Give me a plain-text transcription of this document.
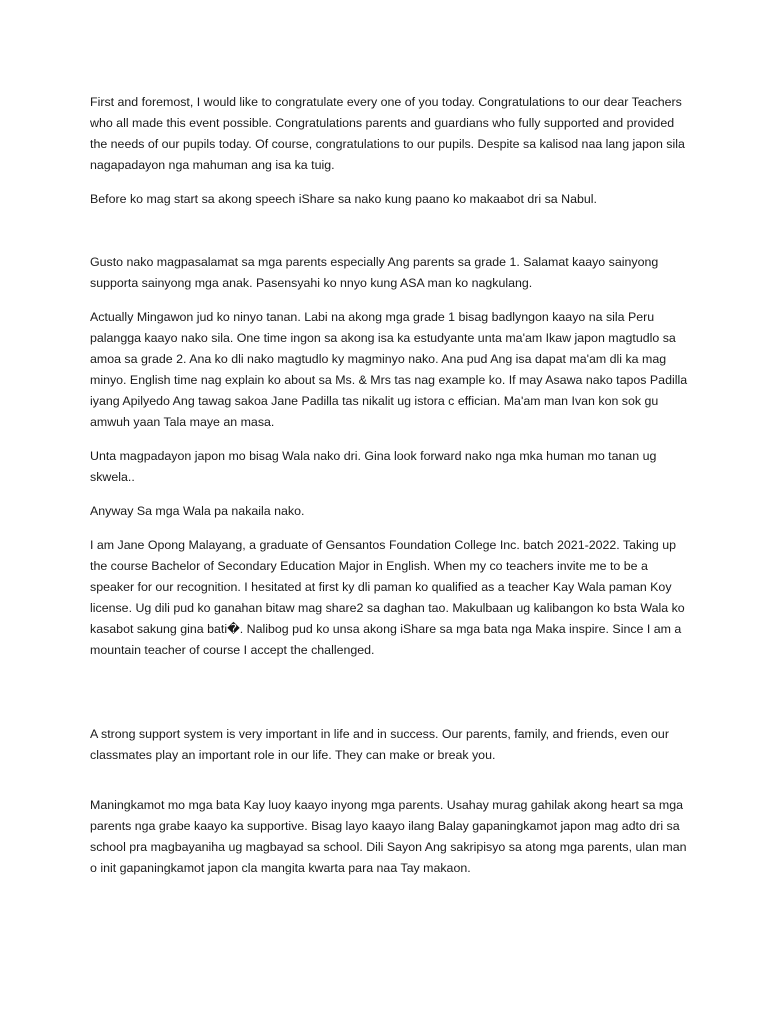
First and foremost, I would like to congratulate every one of you today. Congratulations to our dear Teachers who all made this event possible. Congratulations parents and guardians who fully supported and provided the needs of our pupils today. Of course, congratulations to our pupils. Despite sa kalisod naa lang japon sila nagapadayon nga mahuman ang isa ka tuig.

Before ko mag start sa akong speech iShare sa nako kung paano ko makaabot dri sa Nabul.

Gusto nako magpasalamat sa mga parents especially Ang parents sa grade 1. Salamat kaayo sainyong supporta sainyong mga anak. Pasensyahi ko nnyo kung ASA man ko nagkulang.

Actually Mingawon jud ko ninyo tanan. Labi na akong mga grade 1 bisag badlyngon kaayo na sila Peru palangga kaayo nako sila. One time ingon sa akong isa ka estudyante unta ma'am Ikaw japon magtudlo sa amoa sa grade 2. Ana ko dli nako magtudlo ky magminyo nako. Ana pud Ang isa dapat ma'am dli ka mag minyo. English time nag explain ko about sa Ms. & Mrs tas nag example ko. If may Asawa nako tapos Padilla iyang Apilyedo Ang tawag sakoa Jane Padilla tas nikalit ug istora c effician. Ma'am man Ivan kon sok gu amwuh yaan Tala maye an masa.

Unta magpadayon japon mo bisag Wala nako dri. Gina look forward nako nga mka human mo tanan ug skwela..

Anyway Sa mga Wala pa nakaila nako.

I am Jane Opong Malayang, a graduate of Gensantos Foundation College Inc. batch 2021-2022. Taking up the course Bachelor of Secondary Education Major in English. When my co teachers invite me to be a speaker for our recognition. I hesitated at first ky dli paman ko qualified as a teacher Kay Wala paman Koy license. Ug dili pud ko ganahan bitaw mag share2 sa daghan tao. Makulbaan ug kalibangon ko bsta Wala ko kasabot sakung gina bati�. Nalibog pud ko unsa akong iShare sa mga bata nga Maka inspire. Since I am a mountain teacher of course I accept the challenged.

A strong support system is very important in life and in success. Our parents, family, and friends, even our classmates play an important role in our life. They can make or break you.

Maningkamot mo mga bata Kay luoy kaayo inyong mga parents. Usahay murag gahilak akong heart sa mga parents nga grabe kaayo ka supportive. Bisag layo kaayo ilang Balay gapaningkamot japon mag adto dri sa school pra magbayaniha ug magbayad sa school. Dili Sayon Ang sakripisyo sa atong mga parents, ulan man o init gapaningkamot japon cla mangita kwarta para naa Tay makaon.
